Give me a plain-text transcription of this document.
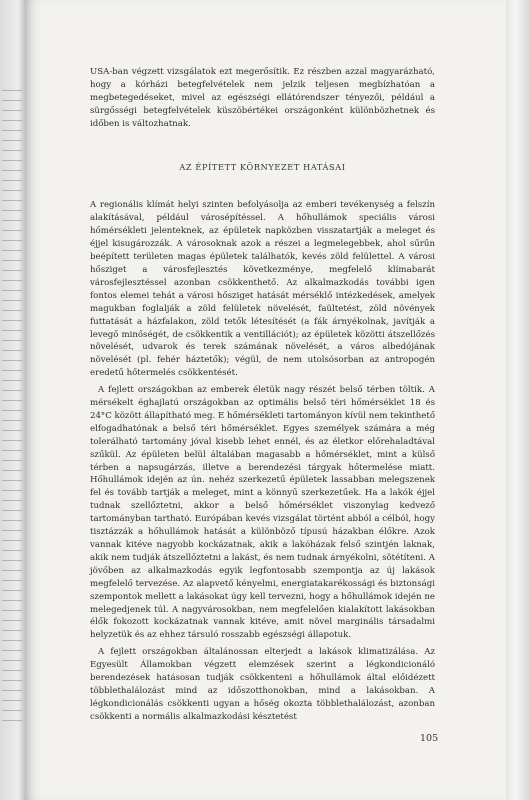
USA-ban végzett vizsgálatok ezt megerősítik. Ez részben azzal magyarázható, hogy a kórházi betegfelvételek nem jelzik teljesen megbízhatóan a megbetegedéseket, mivel az egészségi ellátórendszer tényezői, például a sürgősségi betegfelvételek küszöbértékei országonként különbözhetnek és időben is változhatnak.

AZ ÉPÍTETT KÖRNYEZET HATÁSAI

A regionális klímát helyi szinten befolyásolja az emberi tevékenység a felszín alakításával, például városépítéssel. A hőhullámok speciális városi hőmérsékleti jelenteknek, az épületek napközben visszatartják a meleget és éjjel kisugározzák. A városoknak azok a részei a legmelegebbek, ahol sűrűn beépített területen magas épületek találhatók, kevés zöld felülettel. A városi hősziget a városfejlesztés következménye, megfelelő klímabarát városfejlesztéssel azonban csökkenthető. Az alkalmazkodás további igen fontos elemei tehát a városi hősziget hatását mérséklő intézkedések, amelyek magukban foglalják a zöld felületek növelését, faültetést, zöld növények futtatását a házfalakon, zöld tetők létesítését (a fák árnyékolnak, javítják a levegő minőségét, de csökkentik a ventillációt); az épületek közötti átszellőzés növelését, udvarok és terek számának növelését, a város albedójának növelését (pl. fehér háztetők); végül, de nem utolsósorban az antropogén eredetű hőtermelés csökkentését.

A fejlett országokban az emberek életük nagy részét belső térben töltik. A mérsékelt éghajlatú országokban az optimális belső téri hőmérséklet 18 és 24°C között állapítható meg. E hőmérsékleti tartományon kívül nem tekinthető elfogadhatónak a belső téri hőmérséklet. Egyes személyek számára a még tolerálható tartomány jóval kisebb lehet ennél, és az életkor előrehaladtával szűkül. Az épületen belül általában magasabb a hőmérséklet, mint a külső térben a napsugárzás, illetve a berendezési tárgyak hőtermelése miatt. Hőhullámok idején az ún. nehéz szerkezetű épületek lassabban melegszenek fel és tovább tartják a meleget, mint a könnyű szerkezetűek. Ha a lakók éjjel tudnak szellőztetni, akkor a belső hőmérséklet viszonylag kedvező tartományban tartható. Európában kevés vizsgálat történt abból a célból, hogy tisztázzák a hőhullámok hatását a különböző típusú házakban élőkre. Azok vannak kitéve nagyobb kockázatnak, akik a lakóházak felső szintjén laknak, akik nem tudják átszellőztetni a lakást, és nem tudnak árnyékolni, sötétíteni. A jövőben az alkalmazkodás egyik legfontosabb szempontja az új lakások megfelelő tervezése. Az alapvető kényelmi, energiatakarékossági és biztonsági szempontok mellett a lakásokat úgy kell tervezni, hogy a hőhullámok idején ne melegedjenek túl. A nagyvárosokban, nem megfelelően kialakított lakásokban élők fokozott kockázatnak vannak kitéve, amit növel marginális társadalmi helyzetük és az ehhez társuló rosszabb egészségi állapotuk.

A fejlett országokban általánossan elterjedt a lakások klimatizálása. Az Egyesült Államokban végzett elemzések szerint a légkondicionáló berendezések hatásosan tudják csökkenteni a hőhullámok által előidézett többlethalálozást mind az időszotthonokban, mind a lakásokban. A légkondicionálás csökkenti ugyan a hőség okozta többlethalálozást, azonban csökkenti a normális alkalmazkodási késztetést

105
